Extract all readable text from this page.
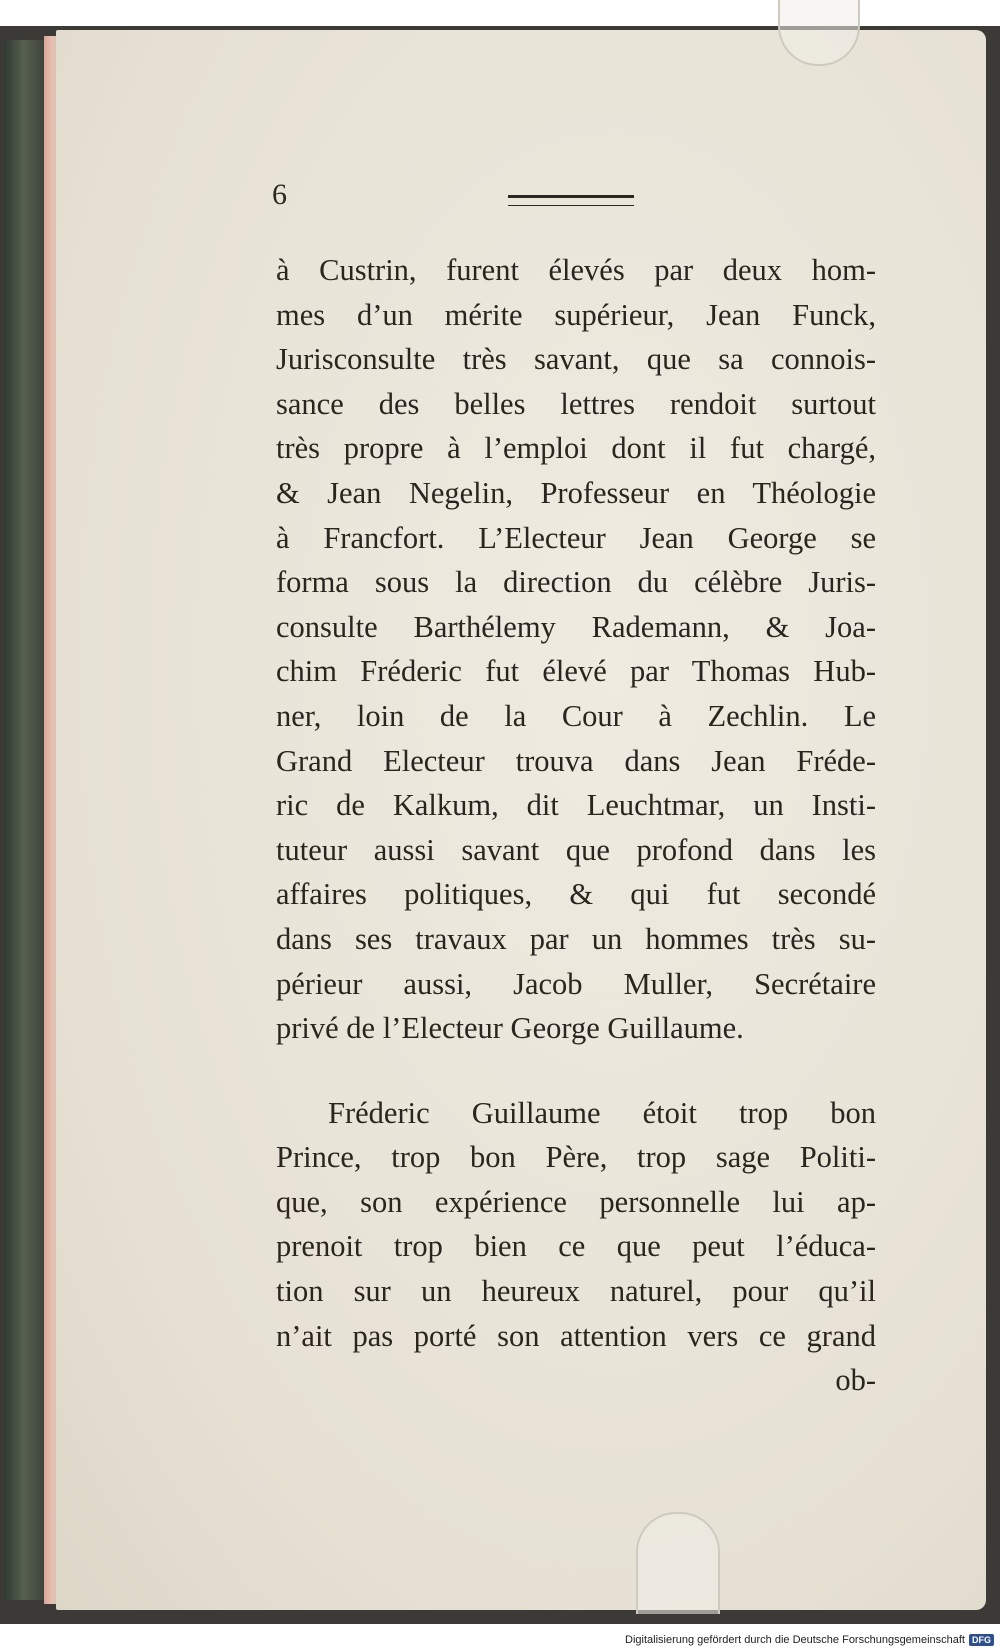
6
à Custrin, furent élevés par deux hom-
mes d’un mérite supérieur, Jean Funck,
Jurisconsulte très savant, que sa connois-
sance des belles lettres rendoit surtout
très propre à l’emploi dont il fut chargé,
& Jean Negelin, Professeur en Théologie
à Francfort. L’Electeur Jean George se
forma sous la direction du célèbre Juris-
consulte Barthélemy Rademann, & Joa-
chim Fréderic fut élevé par Thomas Hub-
ner, loin de la Cour à Zechlin. Le
Grand Electeur trouva dans Jean Fréde-
ric de Kalkum, dit Leuchtmar, un Insti-
tuteur aussi savant que profond dans les
affaires politiques, & qui fut secondé
dans ses travaux par un hommes très su-
périeur aussi, Jacob Muller, Secrétaire
privé de l’Electeur George Guillaume.
Fréderic Guillaume étoit trop bon
Prince, trop bon Père, trop sage Politi-
que, son expérience personnelle lui ap-
prenoit trop bien ce que peut l’éduca-
tion sur un heureux naturel, pour qu’il
n’ait pas porté son attention vers ce grand
ob-
Digitalisierung gefördert durch die Deutsche Forschungsgemeinschaft DFG
